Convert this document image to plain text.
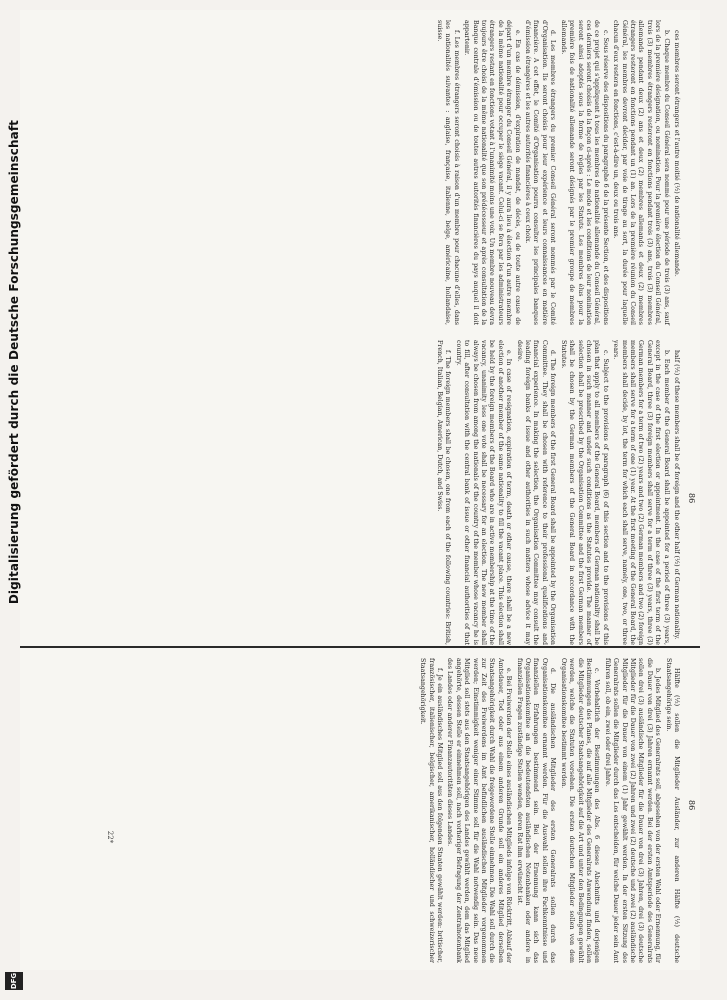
86
86

ces membres seront étrangers et l'autre moitié (½) de nationalité allemande.

b. Chaque membre du Conseil Général sera nommé pour une période de trois (3) ans, sauf lors de la première désignation, ou nomination. Pour la première élection du Conseil Général, trois (3) membres étrangers resteront en fonctions pendant trois (3) ans, trois (3) membres allemands pendant deux (2) ans et deux (2) membres allemands et deux (2) membres étrangers resteront en fonctions pendant un (1) an. Lors de la première réunion du Conseil Général, les membres devront décider, par voie de tirage au sort, la durée pour laquelle chacun d'eux restera en fonctions, c'est-à-dire un, deux ou trois ans.

c. Sous réserve des dispositions du paragraphe 6 de la présente Section, et des dispositions de ce projet qui s'appliquent à tous les membres de nationalité allemande du Conseil Général, ces derniers seront choisis de la façon ci-après : Le mode et les conditions de leur nomination seront ainsi adoptés sous la forme de règles par les Statuts. Les membres élus pour la première fois de nationalité allemande seront désignés par le premier groupe de membres allemands.

d. Les membres étrangers du premier Conseil Général seront nommés par le Comité d'Organisation. Ils seront choisis pour leur expérience et leurs connaissances en matière financière. A cet effet, le Comité d'Organisation pourra consulter les principales banques d'émission étrangères et les autres autorités financières à ceux choix.

e. En cas de démission, d'expiration de mandat, de décès, ou de toute autre cause de départ d'un membre étranger du Conseil Général, il y aura lieu à élection d'un autre membre de la même nationalité pour occuper le siège vacant. Celui-ci se fera par les administrateurs étrangers restant en fonctions votant à l'unanimité moins une voix. Un membre nouveau devra toujours être choisi de la même nationalité que son prédécesseur et après consultation de la Banque centrale d'émission ou de toutes autres autorités financières du pays auquel il doit appartenir.

f. Les membres étrangers seront choisis à raison d'un membre pour chacune d'elles, dans les nationalités suivantes : anglaise, française, italienne, belge, américaine, hollandaise, suisse.

half (½) of these members shall be of foreign and the other half (½) of German nationality.

b. Each member of the General Board shall be appointed for a period of three (3) years, except in the case of the first election or appointment. In the case of the first term of the General Board, three (3) foreign members shall serve for a term of three (3) years, three (3) German members for a term of two (2) years and two (2) German members and two (2) foreign members shall serve for a term of one (1) year. At the first meeting of the General Board, the members shall decide, by lot, the term for which each shall serve, namely, one, two, or three years.

c. Subject to the provisions of paragraph (6) of this section and to the provisions of this plan that apply to all members of the General Board, members of German nationality shall be chosen in such manner and under such conditions as the Statutes provide. The manner of selection shall be prescribed by the Organisation Committee and the first German members shall be chosen by the German members of the General Board in accordance with the Statutes.

d. The foreign members of the first General Board shall be appointed by the Organisation Committee. They shall be chosen with reference to their professional qualifications and financial experience. In making the selection, the Organisation Committee may consult the leading foreign banks of issue and other authorities in such matters whose advice it may desire.

e. In case of resignation, expiration of term, death or other cause, there shall be a new election of another member of the same nationality to fill the vacant place. This election shall be held by the foreign members of the Board who are in active membership at the time of the vacancy, unanimity less one vote shall be necessary for an election. The new member shall always be chosen from among the nationals of the country of the member whose vacancy he is to fill, after consultation with the central bank of issue or other financial authorities of that country.

f. The foreign members shall be chosen, one from each of the following countries: British, French, Italian, Belgian, American, Dutch, and Swiss.

Hälfte (½) sollen die Mitglieder Ausländer, zur anderen Hälfte (½) deutsche Staatsangehörige sein.

b. Jedes Mitglied des Generalrats soll, abgesehen von der ersten Wahl oder Ernennung, für die Dauer von drei (3) Jahren ernannt werden. Bei der ersten Amtsperiode des Generalrats sollen drei (3) ausländische Mitglieder für die Dauer von drei (3) Jahren, drei (3) deutsche Mitglieder für die Dauer von zwei (2) Jahren und zwei (2) deutsche und zwei (2) ausländische Mitglieder für die Dauer von einem (1) Jahr gewählt werden. In der ersten Sitzung des Generalrats sollen die Mitglieder durch das Los entscheiden, für welche Dauer jeder sein Amt führen soll, ob ein, zwei oder drei Jahre.

c. Vorbehaltlich der Bestimmungen des Abs. 6 dieses Abschnitts und derjenigen Bestimmungen des Planes, die auf alle Mitglieder des Generalrats Anwendung finden, sollen die Mitglieder deutscher Staatsangehörigkeit auf die Art und unter den Bedingungen gewählt werden, welche die Statuten vorsehen. Die ersten deutschen Mitglieder sollen von dem Organisationskomitee bestimmt werden.

d. Die ausländischen Mitglieder des ersten Generalrats sollen durch das Organisationskomitee ernannt werden. Für die Auswahl sollen ihre Fachkenntnisse und finanziellen Erfahrungen bestimmend sein. Bei der Ernennung kann sich das Organisationskomitee an die bedeutendsten ausländischen Notenbanken oder andere in finanziellen Fragen zuständige Stellen wenden, deren Rat ihm erwünscht ist.

e. Bei Freiwerden der Stelle eines ausländischen Mitglieds infolge von Rücktritt, Ablauf der Amtsdauer, Tod oder aus einem anderen Grunde soll ein anderes Mitglied derselben Staatsangehörigkeit durch Wahl die freigewordene Stelle einnehmen. Die Wahl soll durch die zur Zeit des Freiwerdens im Amt befindlichen ausländischen Mitglieder vorgenommen werden; Einstimmigkeit weniger einer Stimme soll für die Wahl notwendig sein. Das neue Mitglied soll stets aus den Staatsangehörigen des Landes gewählt werden, dem das Mitglied angehörte, dessen Stelle er einnehmen soll, nach vorheriger Befragung der Zentralnotenbank des Landes oder anderer Finanzautoritäten dieses Landes.

f. Je ein ausländisches Mitglied soll aus den folgenden Staaten gewählt werden: britischer, französischer, italienischer, belgischer, amerikanischer, holländischer und schweizerischer Staatsangehörigkeit.

22*
Digitalisierung gefördert durch die Deutsche Forschungsgemeinschaft
DFG
